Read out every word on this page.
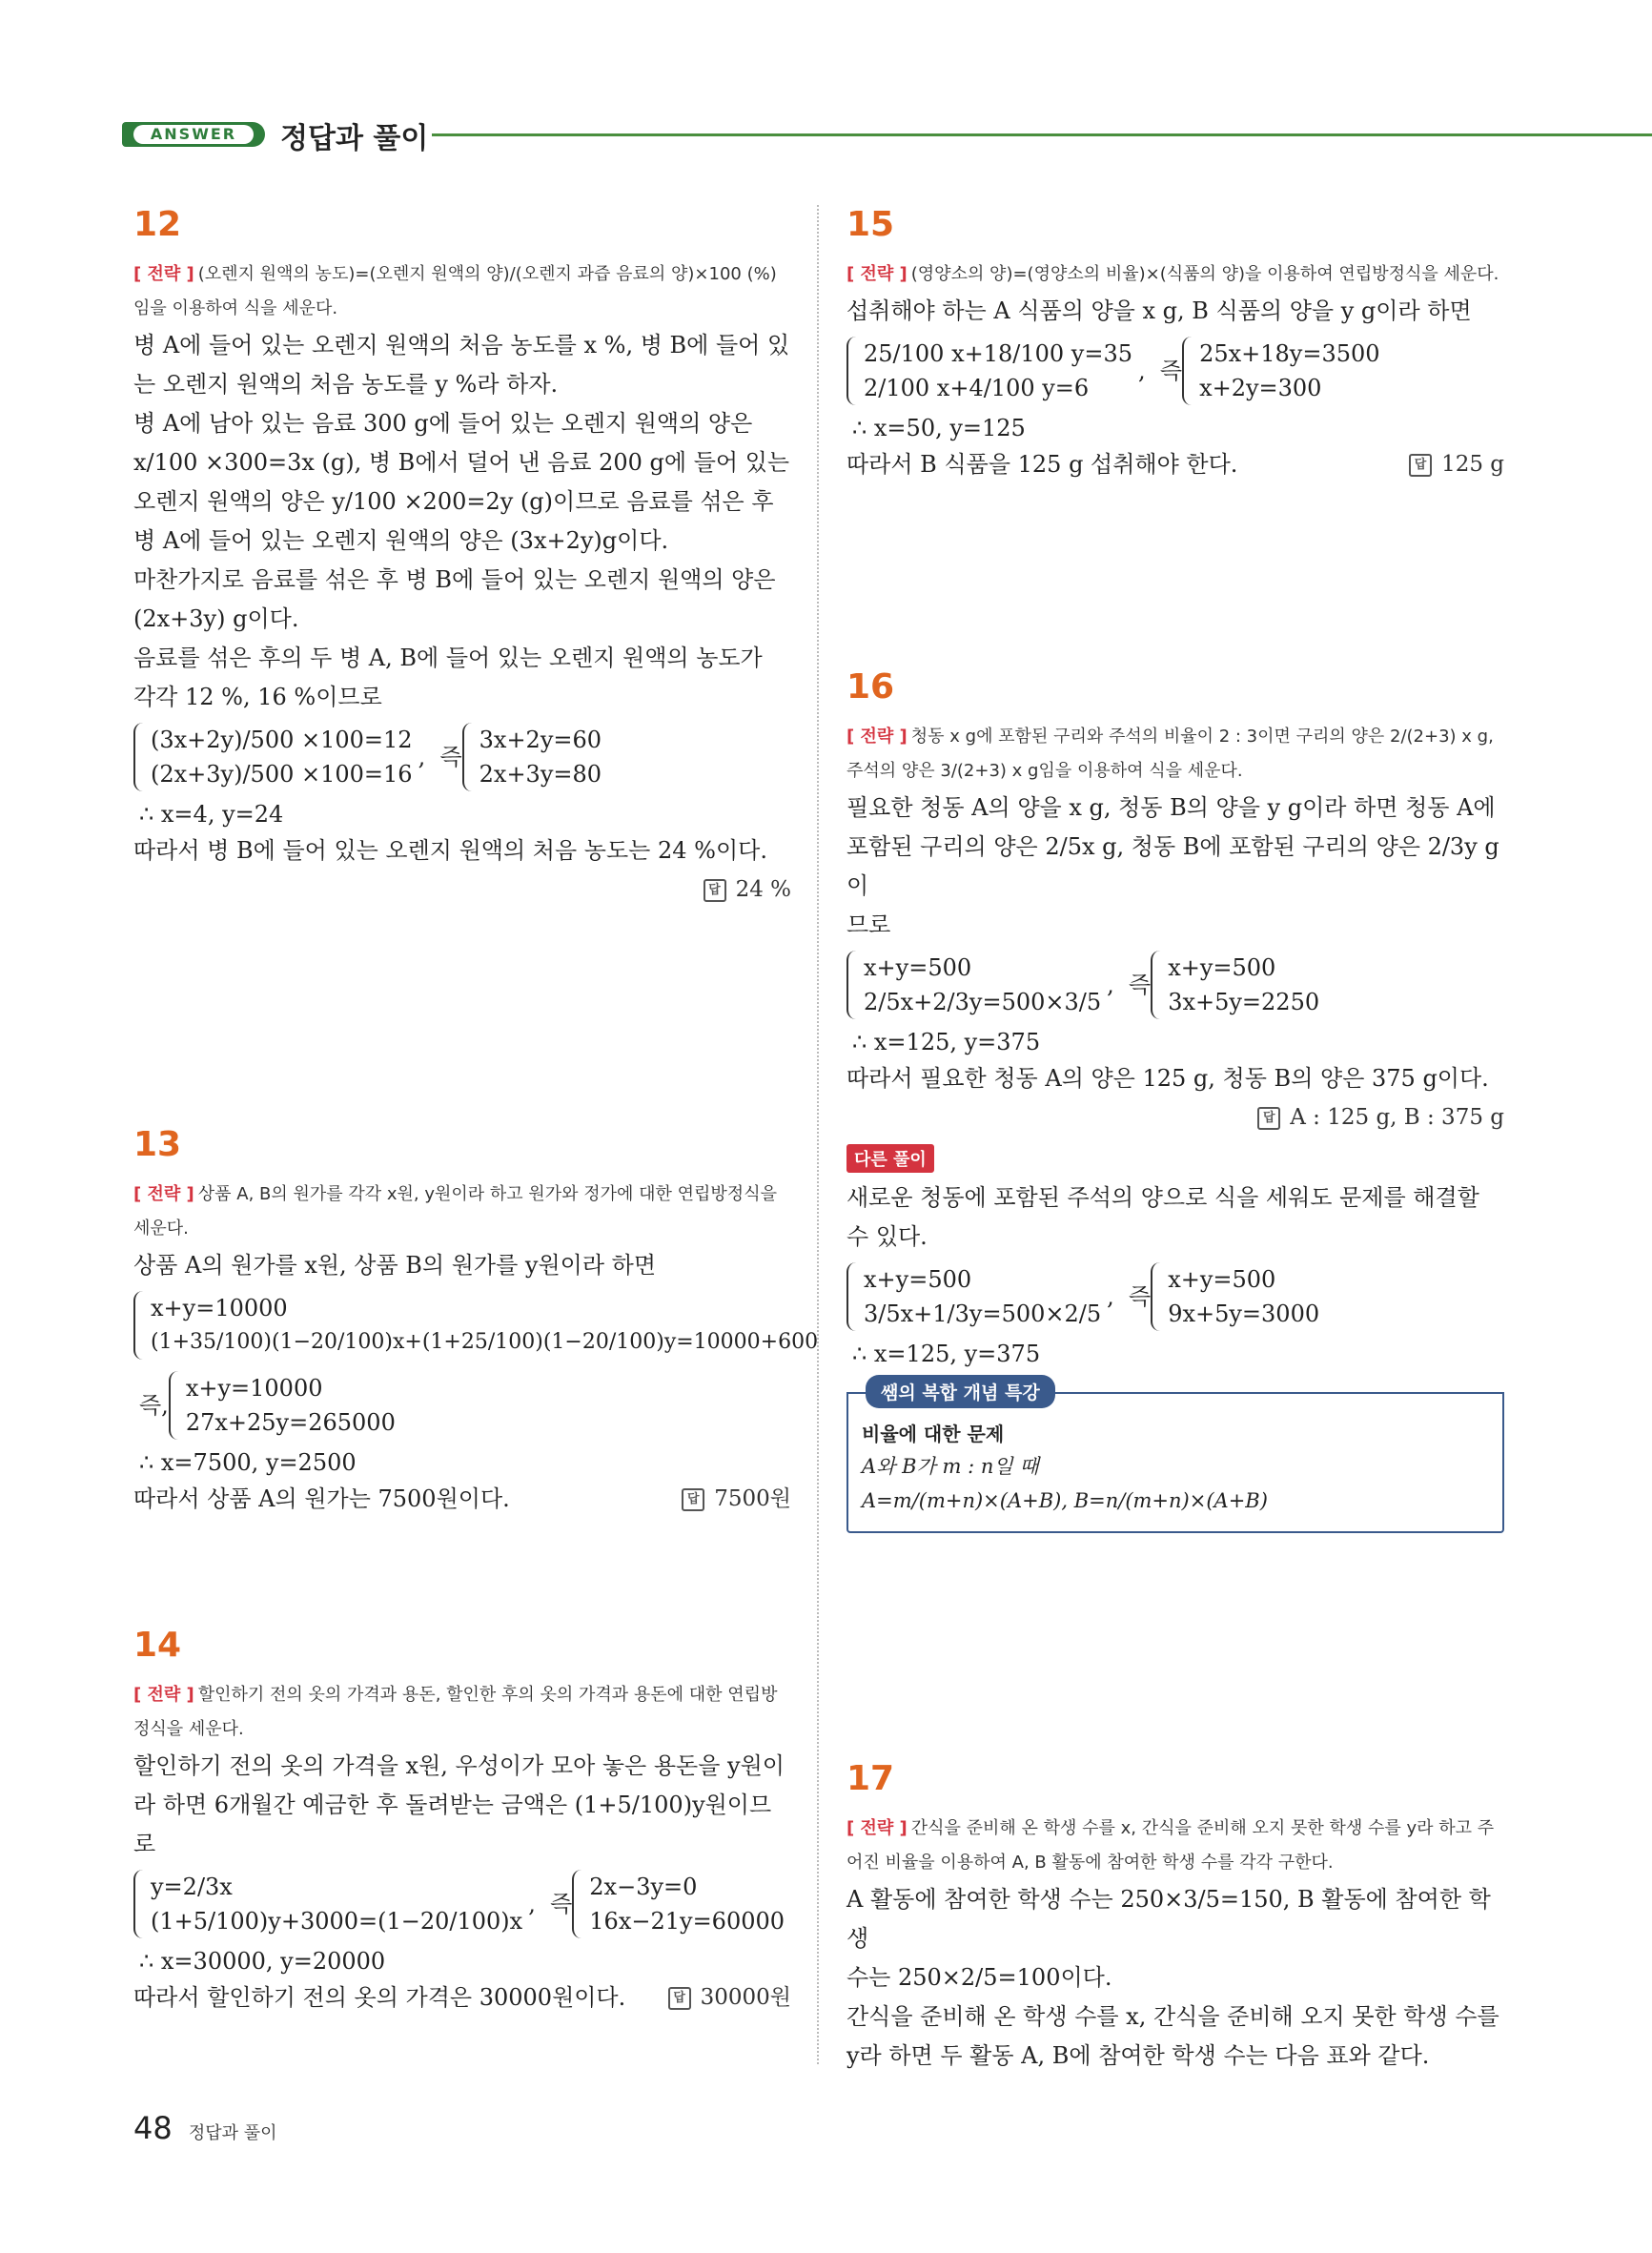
ANSWER	정답과 풀이
12
[ 전략 ] (오렌지 원액의 농도)=(오렌지 원액의 양)/(오렌지 과즙 음료의 양)×100 (%)임을 이용하여 식을 세운다.
병 A에 들어 있는 오렌지 원액의 처음 농도를 x %, 병 B에 들어 있는 오렌지 원액의 처음 농도를 y %라 하자.
병 A에 남아 있는 음료 300 g에 들어 있는 오렌지 원액의 양은
x/100 ×300=3x (g), 병 B에서 덜어 낸 음료 200 g에 들어 있는
오렌지 원액의 양은 y/100 ×200=2y (g)이므로 음료를 섞은 후
병 A에 들어 있는 오렌지 원액의 양은 (3x+2y)g이다.
마찬가지로 음료를 섞은 후 병 B에 들어 있는 오렌지 원액의 양은 (2x+3y) g이다.
음료를 섞은 후의 두 병 A, B에 들어 있는 오렌지 원액의 농도가 각각 12 %, 16 %이므로
(3x+2y)/500 ×100=12
(2x+3y)/500 ×100=16
,  즉
3x+2y=60
2x+3y=80
∴ x=4, y=24
따라서 병 B에 들어 있는 오렌지 원액의 처음 농도는 24 %이다.
답 24 %
13
[ 전략 ] 상품 A, B의 원가를 각각 x원, y원이라 하고 원가와 정가에 대한 연립방정식을 세운다.
상품 A의 원가를 x원, 상품 B의 원가를 y원이라 하면
x+y=10000
(1+35/100)(1−20/100)x+(1+25/100)(1−20/100)y=10000+600
즉,
x+y=10000
27x+25y=265000
∴ x=7500, y=2500
따라서 상품 A의 원가는 7500원이다.	답 7500원
14
[ 전략 ] 할인하기 전의 옷의 가격과 용돈, 할인한 후의 옷의 가격과 용돈에 대한 연립방정식을 세운다.
할인하기 전의 옷의 가격을 x원, 우성이가 모아 놓은 용돈을 y원이
라 하면 6개월간 예금한 후 돌려받는 금액은 (1+5/100)y원이므로
y=2/3x
(1+5/100)y+3000=(1−20/100)x
,  즉
2x−3y=0
16x−21y=60000
∴ x=30000, y=20000
따라서 할인하기 전의 옷의 가격은 30000원이다.	답 30000원
15
[ 전략 ] (영양소의 양)=(영양소의 비율)×(식품의 양)을 이용하여 연립방정식을 세운다.
섭취해야 하는 A 식품의 양을 x g, B 식품의 양을 y g이라 하면
25/100 x+18/100 y=35
2/100 x+4/100 y=6
,  즉
25x+18y=3500
x+2y=300
∴ x=50, y=125
따라서 B 식품을 125 g 섭취해야 한다.	답 125 g
16
[ 전략 ] 청동 x g에 포함된 구리와 주석의 비율이 2 : 3이면 구리의 양은 2/(2+3) x g, 주석의 양은 3/(2+3) x g임을 이용하여 식을 세운다.
필요한 청동 A의 양을 x g, 청동 B의 양을 y g이라 하면 청동 A에
포함된 구리의 양은 2/5x g, 청동 B에 포함된 구리의 양은 2/3y g이
므로
x+y=500
2/5x+2/3y=500×3/5
,  즉
x+y=500
3x+5y=2250
∴ x=125, y=375
따라서 필요한 청동 A의 양은 125 g, 청동 B의 양은 375 g이다.
답 A : 125 g, B : 375 g
다른 풀이
새로운 청동에 포함된 주석의 양으로 식을 세워도 문제를 해결할 수 있다.
x+y=500
3/5x+1/3y=500×2/5
,  즉
x+y=500
9x+5y=3000
∴ x=125, y=375
쌤의 복합 개념 특강
비율에 대한 문제
A와 B가 m : n일 때
A=m/(m+n)×(A+B), B=n/(m+n)×(A+B)
17
[ 전략 ] 간식을 준비해 온 학생 수를 x, 간식을 준비해 오지 못한 학생 수를 y라 하고 주어진 비율을 이용하여 A, B 활동에 참여한 학생 수를 각각 구한다.
A 활동에 참여한 학생 수는 250×3/5=150, B 활동에 참여한 학생
수는 250×2/5=100이다.
간식을 준비해 온 학생 수를 x, 간식을 준비해 오지 못한 학생 수를
y라 하면 두 활동 A, B에 참여한 학생 수는 다음 표와 같다.
48 정답과 풀이
